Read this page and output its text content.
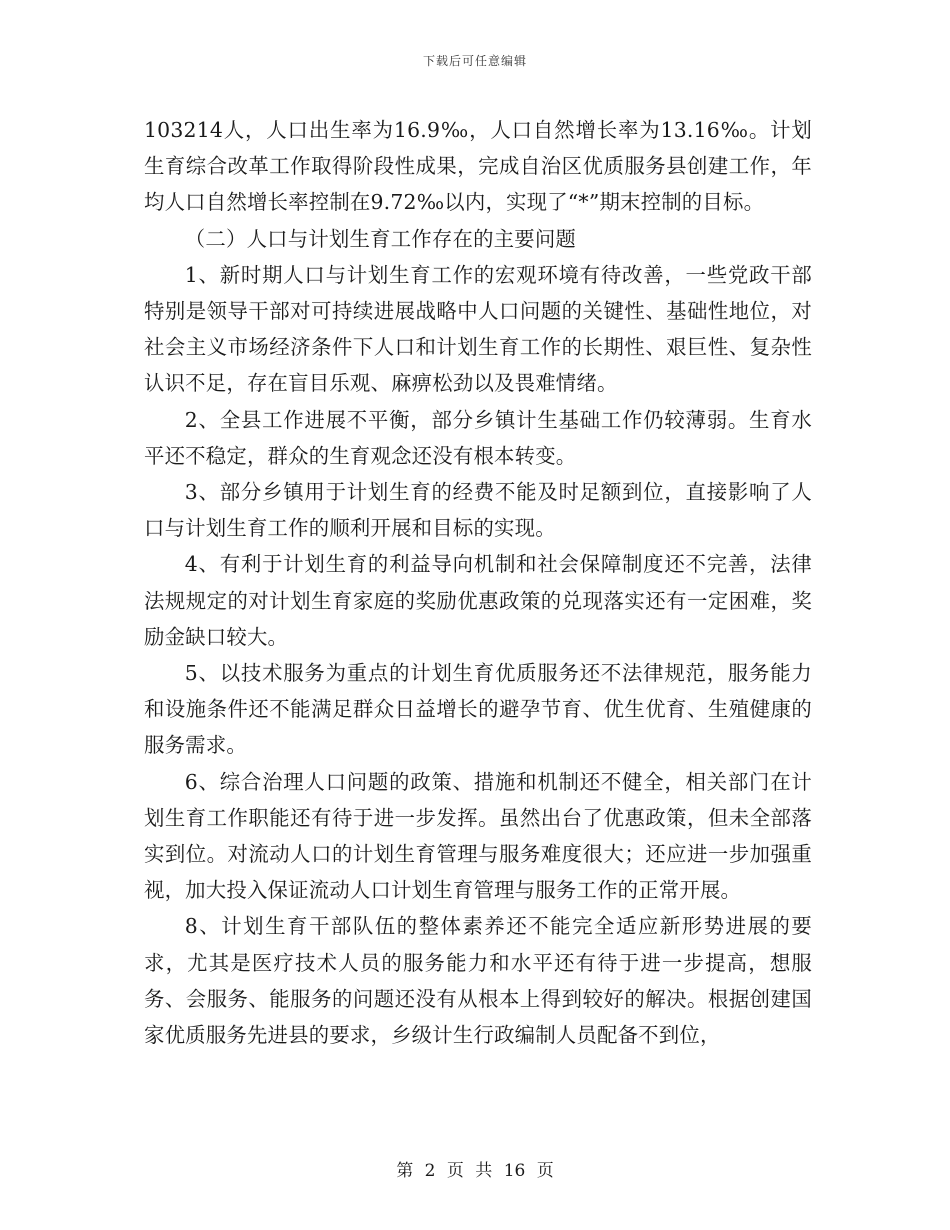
下载后可任意编辑

103214人，人口出生率为16.9‰，人口自然增长率为13.16‰。计划生育综合改革工作取得阶段性成果，完成自治区优质服务县创建工作，年均人口自然增长率控制在9.72‰以内，实现了“*”期末控制的目标。

（二）人口与计划生育工作存在的主要问题

1、新时期人口与计划生育工作的宏观环境有待改善，一些党政干部特别是领导干部对可持续进展战略中人口问题的关键性、基础性地位，对社会主义市场经济条件下人口和计划生育工作的长期性、艰巨性、复杂性认识不足，存在盲目乐观、麻痹松劲以及畏难情绪。

2、全县工作进展不平衡，部分乡镇计生基础工作仍较薄弱。生育水平还不稳定，群众的生育观念还没有根本转变。

3、部分乡镇用于计划生育的经费不能及时足额到位，直接影响了人口与计划生育工作的顺利开展和目标的实现。

4、有利于计划生育的利益导向机制和社会保障制度还不完善，法律法规规定的对计划生育家庭的奖励优惠政策的兑现落实还有一定困难，奖励金缺口较大。

5、以技术服务为重点的计划生育优质服务还不法律规范，服务能力和设施条件还不能满足群众日益增长的避孕节育、优生优育、生殖健康的服务需求。

6、综合治理人口问题的政策、措施和机制还不健全，相关部门在计划生育工作职能还有待于进一步发挥。虽然出台了优惠政策，但未全部落实到位。对流动人口的计划生育管理与服务难度很大；还应进一步加强重视，加大投入保证流动人口计划生育管理与服务工作的正常开展。

8、计划生育干部队伍的整体素养还不能完全适应新形势进展的要求，尤其是医疗技术人员的服务能力和水平还有待于进一步提高，想服务、会服务、能服务的问题还没有从根本上得到较好的解决。根据创建国家优质服务先进县的要求，乡级计生行政编制人员配备不到位，

第 2 页 共 16 页
